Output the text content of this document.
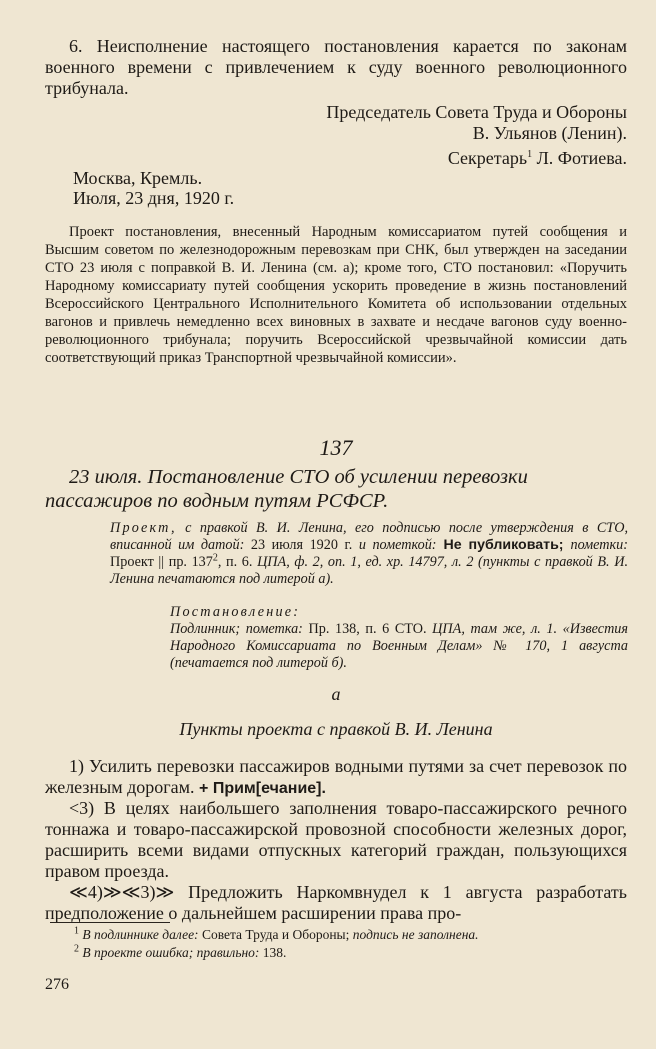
6. Неисполнение настоящего постановления карается по законам военного времени с привлечением к суду военного революционного трибунала.
Председатель Совета Труда и Обороны
В. Ульянов (Ленин).
Секретарь$^1$ Л. Фотиева.
Москва, Кремль.
Июля, 23 дня, 1920 г.
Проект постановления, внесенный Народным комиссариатом путей сообщения и Высшим советом по железнодорожным перевозкам при СНК, был утвержден на заседании СТО 23 июля с поправкой В. И. Ленина (см. а); кроме того, СТО постановил: «Поручить Народному комиссариату путей сообщения ускорить проведение в жизнь постановлений Всероссийского Центрального Исполнительного Комитета об использовании отдельных вагонов и привлечь немедленно всех виновных в захвате и несдаче вагонов суду военно-революционного трибунала; поручить Всероссийской чрезвычайной комиссии дать соответствующий приказ Транспортной чрезвычайной комиссии».
137
23 июля. Постановление СТО об усилении перевозки пассажиров по водным путям РСФСР.
Проект, с правкой В. И. Ленина, его подписью после утверждения в СТО, вписанной им датой: 23 июля 1920 г. и пометкой: Не публиковать; пометки: Проект || пр. $137^2$, п. 6. ЦПА, ф. 2, оп. 1, ед. хр. 14797, л. 2 (пункты с правкой В. И. Ленина печатаются под литерой а).
Постановление:
Подлинник; пометка: Пр. 138, п. 6 СТО. ЦПА, там же, л. 1. «Известия Народного Комиссариата по Военным Делам» № 170, 1 августа (печатается под литерой б).
а
Пункты проекта с правкой В. И. Ленина
1) Усилить перевозки пассажиров водными путями за счет перевозок по железным дорогам. + Прим[ечание].
<3) В целях наибольшего заполнения товаро-пассажирского речного тоннажа и товаро-пассажирской провозной способности железных дорог, расширить всеми видами отпускных категорий граждан, пользующихся правом проезда.
≪4)≫≪3)≫ Предложить Наркомвнудел к 1 августа разработать предположение о дальнейшем расширении права про-
$^1$ В подлиннике далее: Совета Труда и Обороны; подпись не заполнена.
$^2$ В проекте ошибка; правильно: 138.
276
